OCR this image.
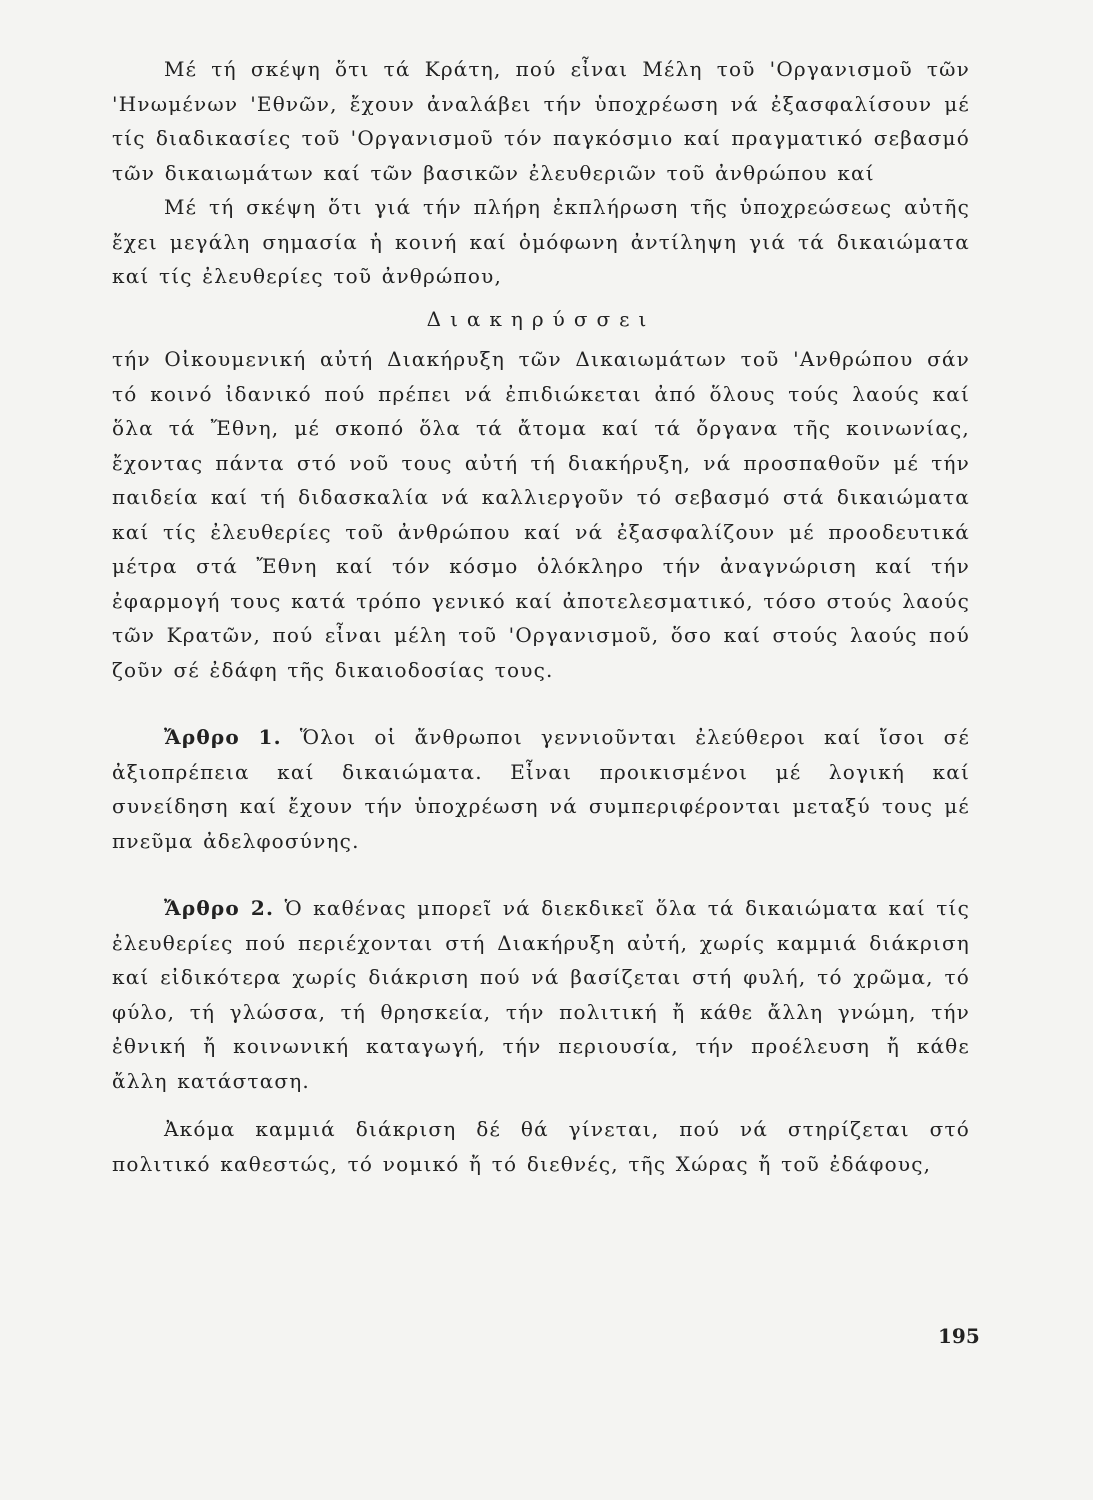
Μέ τή σκέψη ὅτι τά Κράτη, πού εἶναι Μέλη τοῦ 'Οργανισμοῦ τῶν 'Ηνωμένων 'Εθνῶν, ἔχουν ἀναλάβει τήν ὑποχρέωση νά ἐξασφαλίσουν μέ τίς διαδικασίες τοῦ 'Οργανισμοῦ τόν παγκόσμιο καί πραγματικό σεβασμό τῶν δικαιωμάτων καί τῶν βασικῶν ἐλευθεριῶν τοῦ ἀνθρώπου καί

Μέ τή σκέψη ὅτι γιά τήν πλήρη ἐκπλήρωση τῆς ὑποχρεώσεως αὐτῆς ἔχει μεγάλη σημασία ἡ κοινή καί ὁμόφωνη ἀντίληψη γιά τά δικαιώματα καί τίς ἐλευθερίες τοῦ ἀνθρώπου,

Διακηρύσσει

τήν Οἰκουμενική αὐτή Διακήρυξη τῶν Δικαιωμάτων τοῦ 'Ανθρώπου σάν τό κοινό ἰδανικό πού πρέπει νά ἐπιδιώκεται ἀπό ὅλους τούς λαούς καί ὅλα τά Ἔθνη, μέ σκοπό ὅλα τά ἄτομα καί τά ὄργανα τῆς κοινωνίας, ἔχοντας πάντα στό νοῦ τους αὐτή τή διακήρυξη, νά προσπαθοῦν μέ τήν παιδεία καί τή διδασκαλία νά καλλιεργοῦν τό σεβασμό στά δικαιώματα καί τίς ἐλευθερίες τοῦ ἀνθρώπου καί νά ἐξασφαλίζουν μέ προοδευτικά μέτρα στά Ἔθνη καί τόν κόσμο ὁλόκληρο τήν ἀναγνώριση καί τήν ἐφαρμογή τους κατά τρόπο γενικό καί ἀποτελεσματικό, τόσο στούς λαούς τῶν Κρατῶν, πού εἶναι μέλη τοῦ 'Οργανισμοῦ, ὅσο καί στούς λαούς πού ζοῦν σέ ἐδάφη τῆς δικαιοδοσίας τους.

Ἄρθρο 1. Ὅλοι οἱ ἄνθρωποι γεννιοῦνται ἐλεύθεροι καί ἴσοι σέ ἀξιοπρέπεια καί δικαιώματα. Εἶναι προικισμένοι μέ λογική καί συνείδηση καί ἔχουν τήν ὑποχρέωση νά συμπεριφέρονται μεταξύ τους μέ πνεῦμα ἀδελφοσύνης.

Ἄρθρο 2. Ὁ καθένας μπορεῖ νά διεκδικεῖ ὅλα τά δικαιώματα καί τίς ἐλευθερίες πού περιέχονται στή Διακήρυξη αὐτή, χωρίς καμμιά διάκριση καί εἰδικότερα χωρίς διάκριση πού νά βασίζεται στή φυλή, τό χρῶμα, τό φύλο, τή γλώσσα, τή θρησκεία, τήν πολιτική ἤ κάθε ἄλλη γνώμη, τήν ἐθνική ἤ κοινωνική καταγωγή, τήν περιουσία, τήν προέλευση ἤ κάθε ἄλλη κατάσταση.

Ἀκόμα καμμιά διάκριση δέ θά γίνεται, πού νά στηρίζεται στό πολιτικό καθεστώς, τό νομικό ἤ τό διεθνές, τῆς Χώρας ἤ τοῦ ἐδάφους,

195
